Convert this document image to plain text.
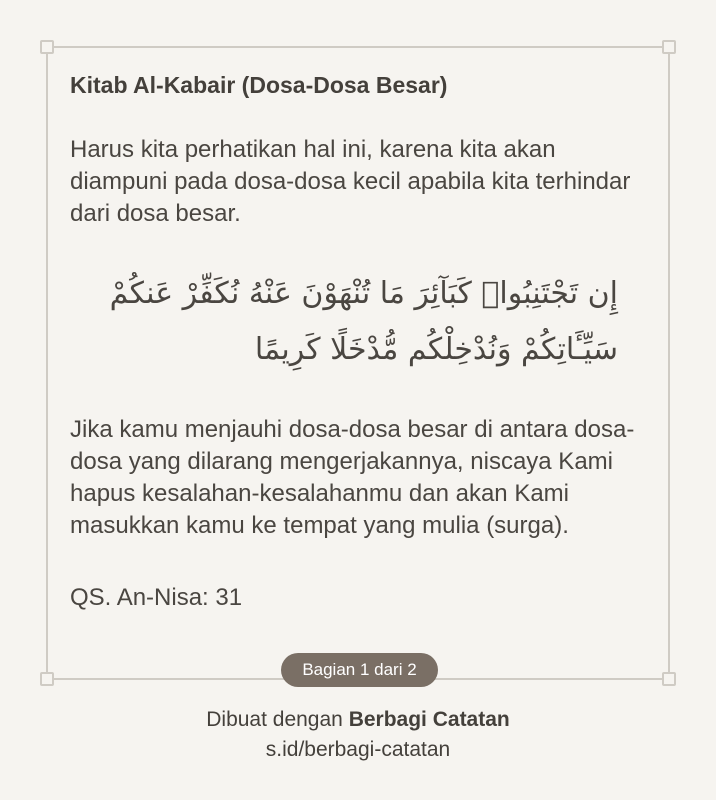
Kitab Al-Kabair (Dosa-Dosa Besar)

Harus kita perhatikan hal ini, karena kita akan diampuni pada dosa-dosa kecil apabila kita terhindar dari dosa besar.

إِن تَجْتَنِبُوا۟ كَبَآئِرَ مَا تُنْهَوْنَ عَنْهُ نُكَفِّرْ عَنكُمْ سَيِّـَٔاتِكُمْ وَنُدْخِلْكُم مُّدْخَلًا كَرِيمًا

Jika kamu menjauhi dosa-dosa besar di antara dosa-dosa yang dilarang mengerjakannya, niscaya Kami hapus kesalahan-kesalahanmu dan akan Kami masukkan kamu ke tempat yang mulia (surga).

QS. An-Nisa: 31
Bagian 1 dari 2
Dibuat dengan Berbagi Catatan
s.id/berbagi-catatan
